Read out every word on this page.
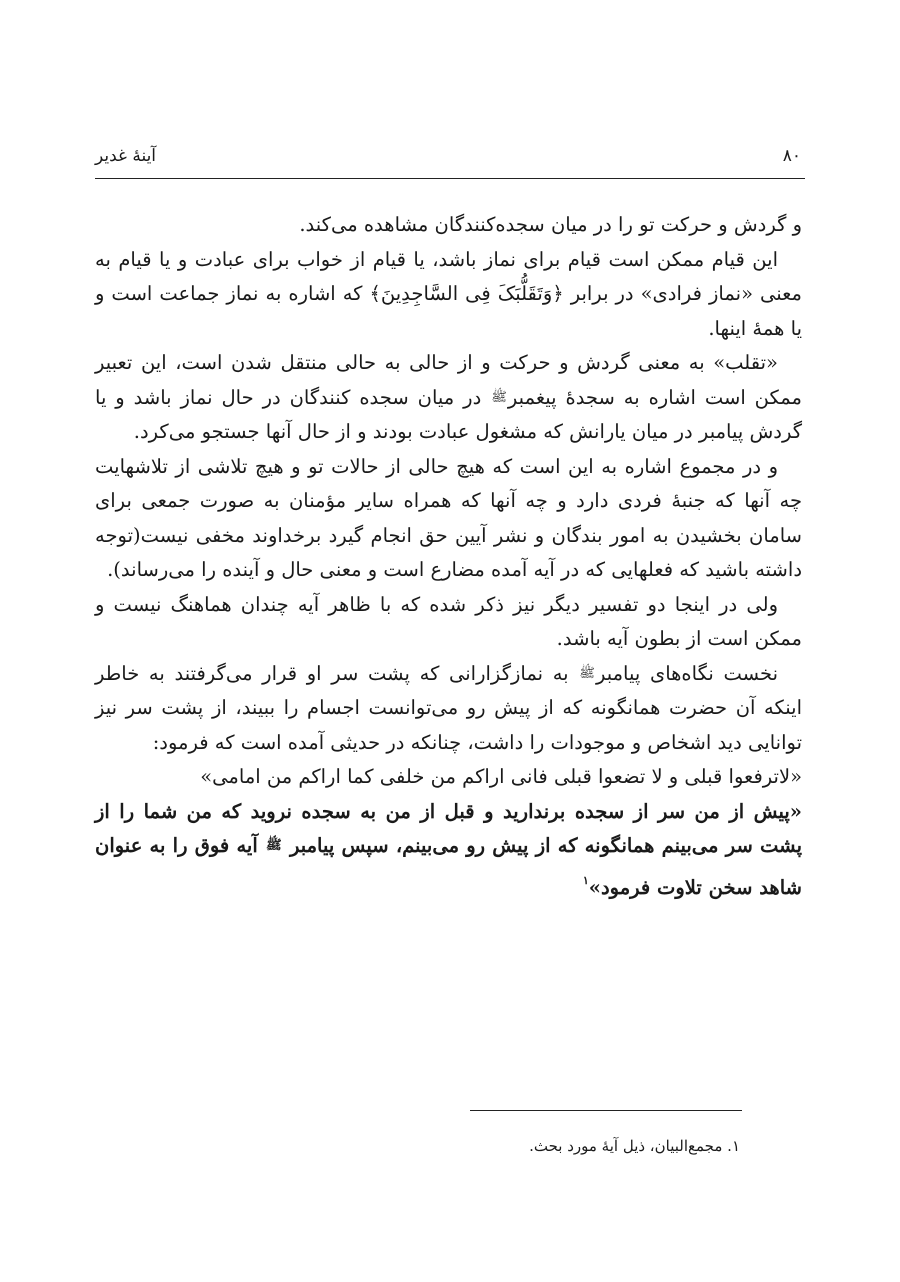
۸۰
آینهٔ غدیر

و گردش و حرکت تو را در میان سجده‌کنندگان مشاهده می‌کند.

این قیام ممکن است قیام برای نماز باشد، یا قیام از خواب برای عبادت و یا قیام به معنی «نماز فرادی» در برابر ﴿وَتَقَلُّبَکَ فِی السَّاجِدِینَ﴾ که اشاره به نماز جماعت است و یا همهٔ اینها.

«تقلب» به معنی گردش و حرکت و از حالی به حالی منتقل شدن است، این تعبیر ممکن است اشاره به سجدهٔ پیغمبرﷺ در میان سجده کنندگان در حال نماز باشد و یا گردش پیامبر در میان یارانش که مشغول عبادت بودند و از حال آنها جستجو می‌کرد.

و در مجموع اشاره به این است که هیچ حالی از حالات تو و هیچ تلاشی از تلاشهایت چه آنها که جنبهٔ فردی دارد و چه آنها که همراه سایر مؤمنان به صورت جمعی برای سامان بخشیدن به امور بندگان و نشر آیین حق انجام گیرد برخداوند مخفی نیست(توجه داشته باشید که فعلهایی که در آیه آمده مضارع است و معنی حال و آینده را می‌رساند).

ولی در اینجا دو تفسیر دیگر نیز ذکر شده که با ظاهر آیه چندان هماهنگ نیست و ممکن است از بطون آیه باشد.

نخست نگاه‌های پیامبرﷺ به نمازگزارانی که پشت سر او قرار می‌گرفتند به خاطر اینکه آن حضرت همانگونه که از پیش رو می‌توانست اجسام را ببیند، از پشت سر نیز توانایی دید اشخاص و موجودات را داشت، چنانکه در حدیثی آمده است که فرمود:

«لاترفعوا قبلی و لا تضعوا قبلی فانی اراکم من خلفی کما اراکم من امامی»

«پیش از من سر از سجده برندارید و قبل از من به سجده نروید که من شما را از پشت سر می‌بینم همانگونه که از پیش رو می‌بینم، سپس پیامبر ﷺ آیه فوق را به عنوان شاهد سخن تلاوت فرمود»$^۱$

۱. مجمع‌البیان، ذیل آیهٔ مورد بحث.
